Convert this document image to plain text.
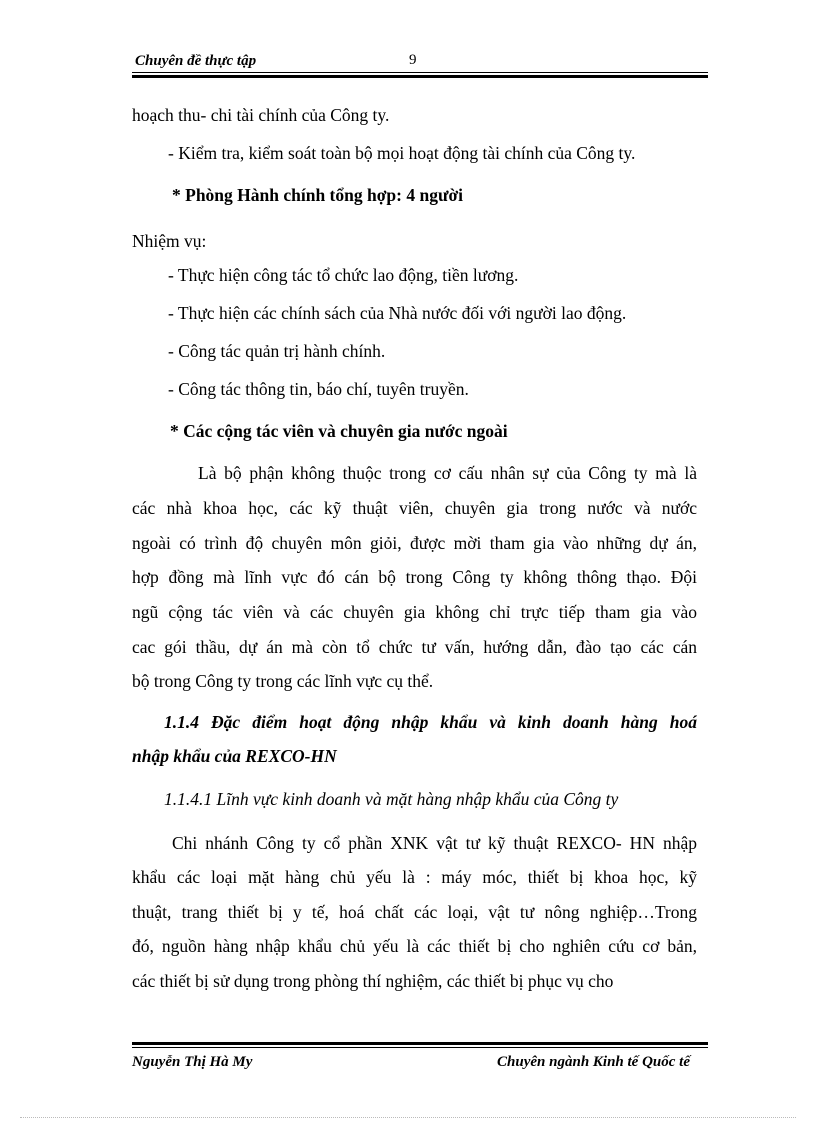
Chuyên đề thực tập	9
hoạch thu- chi tài chính của Công ty.
- Kiểm tra, kiểm soát toàn bộ mọi hoạt động tài chính của Công ty.
* Phòng Hành chính tổng hợp: 4 người
Nhiệm vụ:
- Thực hiện công tác tổ chức lao động, tiền lương.
- Thực hiện các chính sách của Nhà nước đối với người lao động.
- Công tác quản trị hành chính.
- Công tác thông tin, báo chí, tuyên truyền.
* Các cộng tác viên và chuyên gia nước ngoài
Là bộ phận không thuộc trong cơ cấu nhân sự của Công ty mà là
các nhà khoa học, các kỹ thuật viên, chuyên gia trong nước và nước
ngoài có trình độ chuyên môn giỏi, được mời tham gia vào những dự án,
hợp đồng mà lĩnh vực đó cán bộ trong Công ty không thông thạo. Đội
ngũ cộng tác viên và các chuyên gia không chỉ trực tiếp tham gia vào
cac gói thầu, dự án mà còn tổ chức tư vấn, hướng dẫn, đào tạo các cán
bộ trong Công ty trong các lĩnh vực cụ thể.
1.1.4 Đặc điểm hoạt động nhập khẩu và kinh doanh hàng hoá
nhập khẩu của REXCO-HN
1.1.4.1 Lĩnh vực kinh doanh và mặt hàng nhập khẩu của Công ty
Chi nhánh Công ty cổ phần XNK vật tư kỹ thuật REXCO- HN nhập
khẩu các loại mặt hàng chủ yếu là : máy móc, thiết bị khoa học, kỹ
thuật, trang thiết bị y tế, hoá chất các loại, vật tư nông nghiệp…Trong
đó, nguồn hàng nhập khẩu chủ yếu là các thiết bị cho nghiên cứu cơ bản,
các thiết bị sử dụng trong phòng thí nghiệm, các thiết bị phục vụ cho
Nguyễn Thị Hà My	Chuyên ngành Kinh tế Quốc tế
